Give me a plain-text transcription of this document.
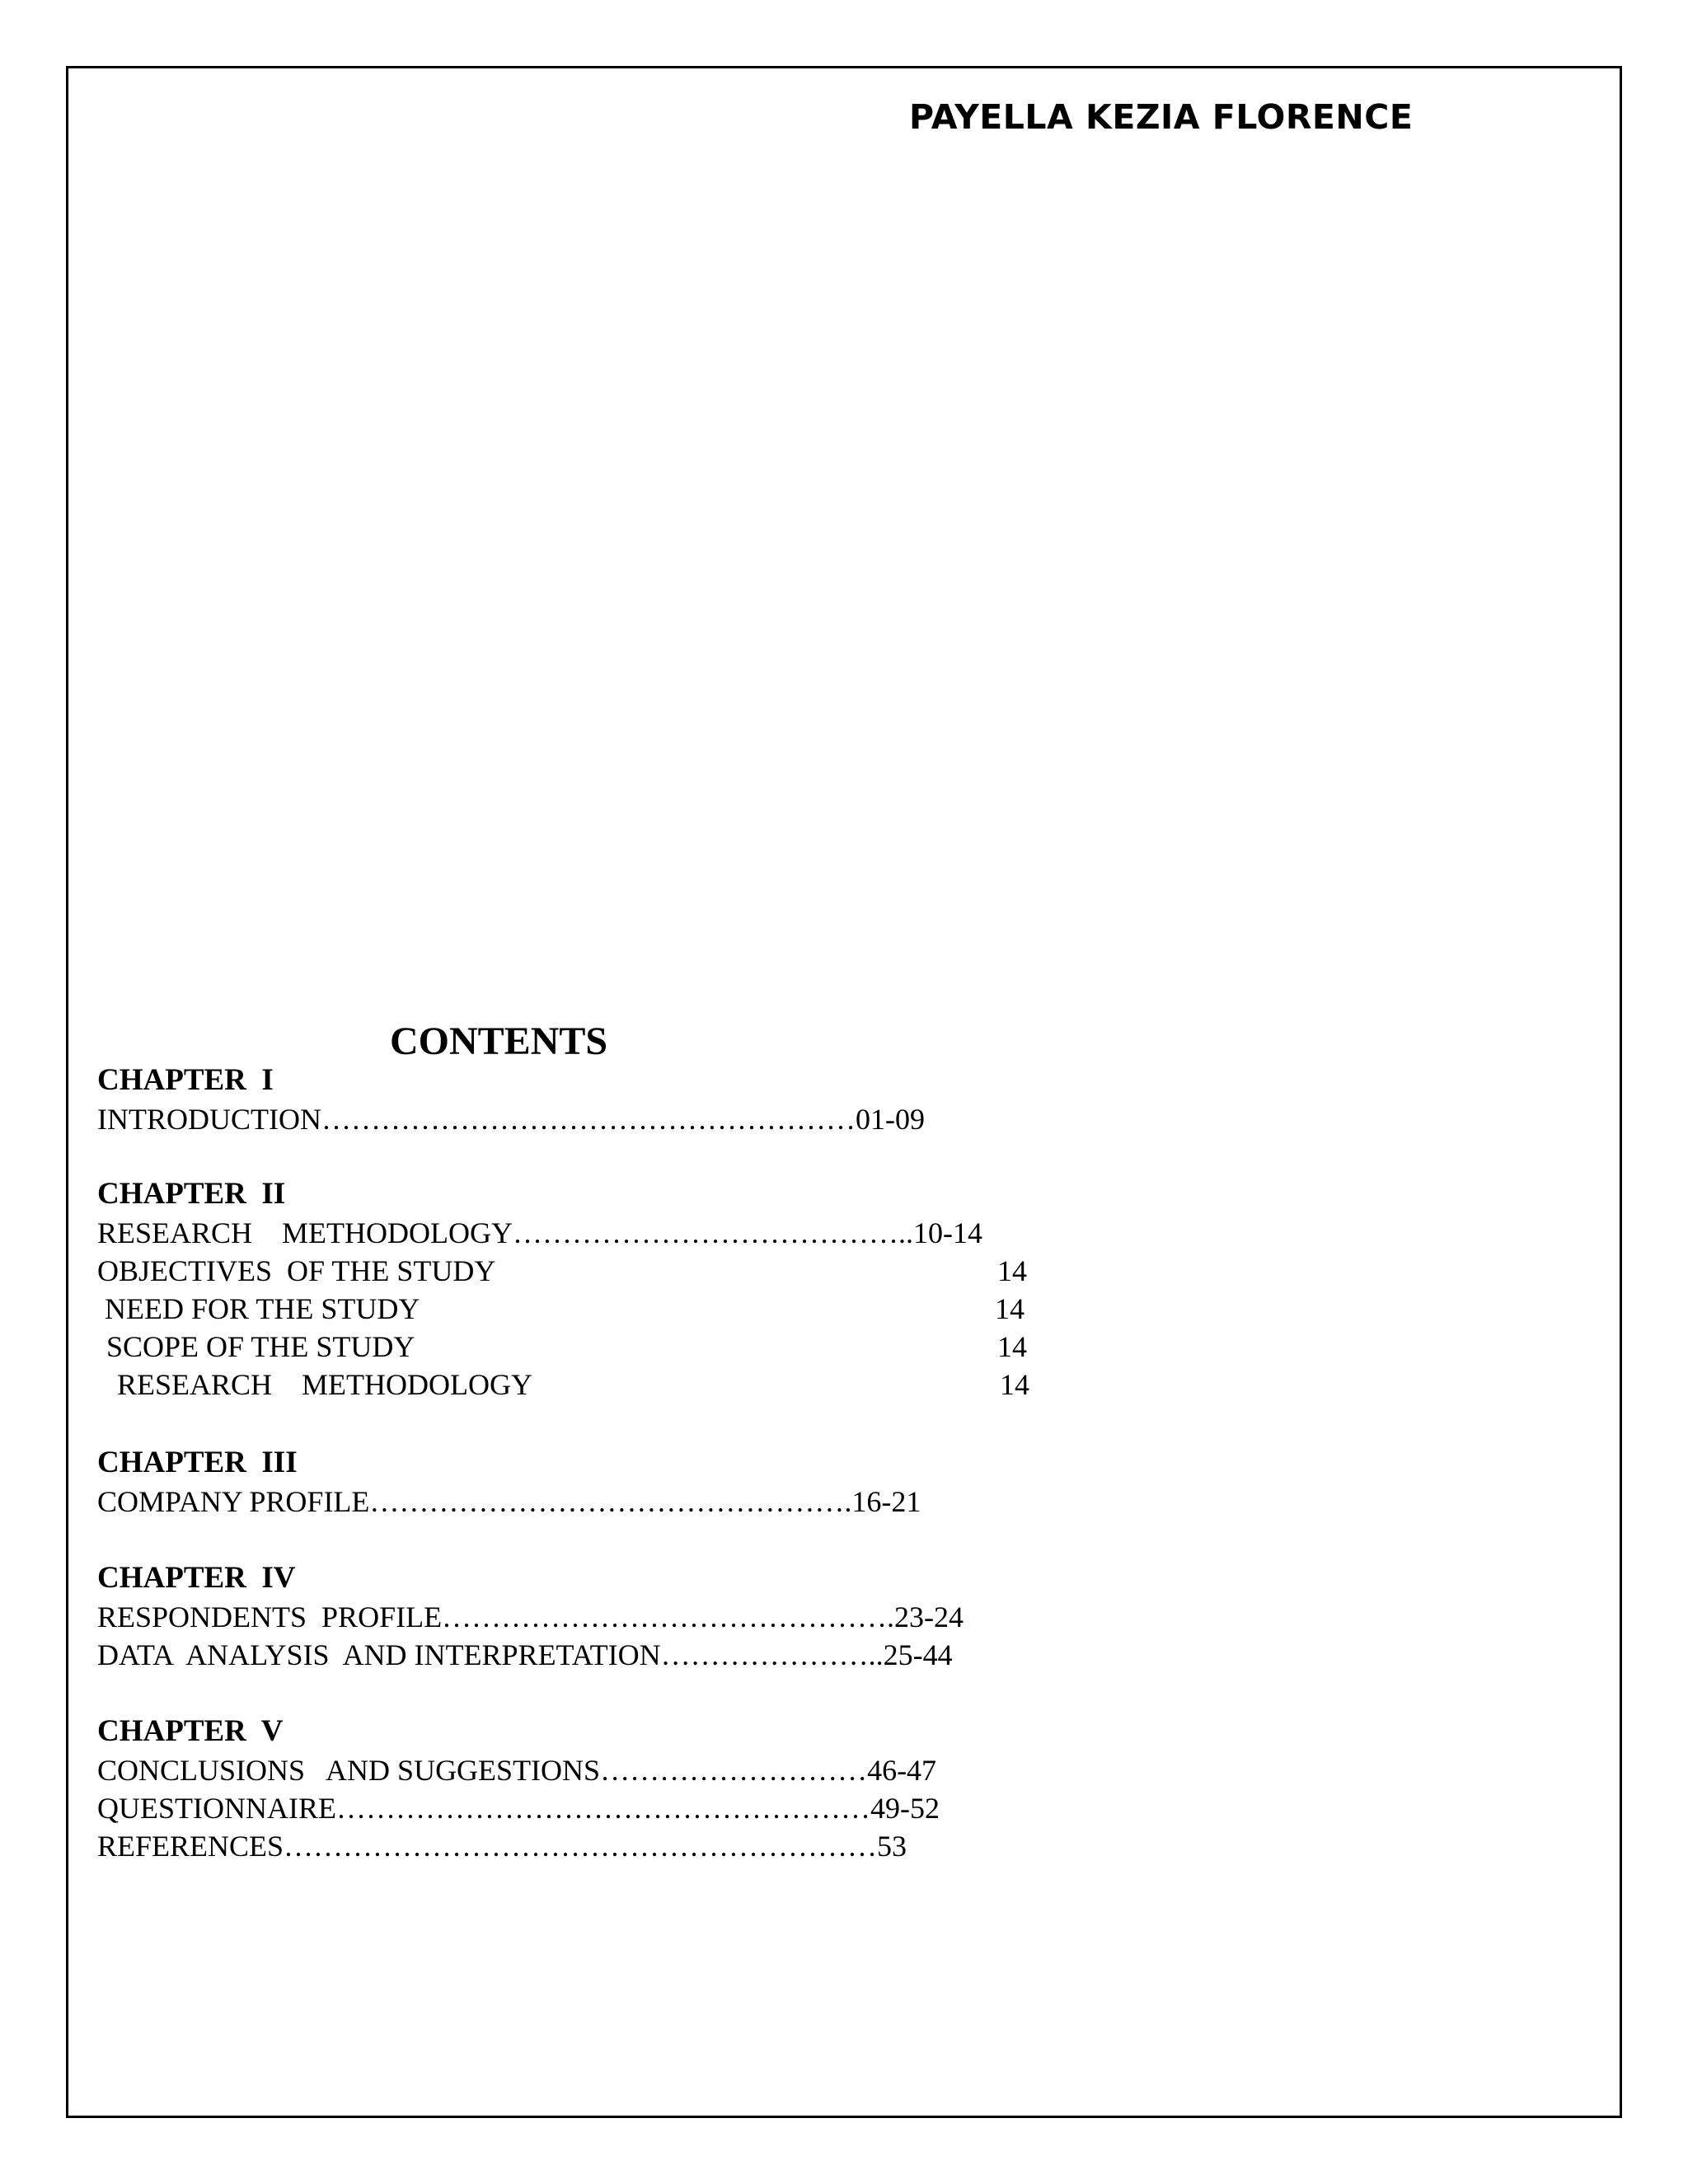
PAYELLA KEZIA FLORENCE
CONTENTS
CHAPTER  I
INTRODUCTION………………………………………………01-09
CHAPTER  II
RESEARCH    METHODOLOGY…………………………………..10-14
OBJECTIVES  OF THE STUDY	14
NEED FOR THE STUDY	14
SCOPE OF THE STUDY	14
RESEARCH    METHODOLOGY	14
CHAPTER  III
COMPANY PROFILE………………………………………….16-21
CHAPTER  IV
RESPONDENTS  PROFILE……………………………………….23-24
DATA  ANALYSIS  AND INTERPRETATION…………………..25-44
CHAPTER  V
CONCLUSIONS   AND SUGGESTIONS………………………46-47
QUESTIONNAIRE………………………………………………49-52
REFERENCES……………………………………………………53
